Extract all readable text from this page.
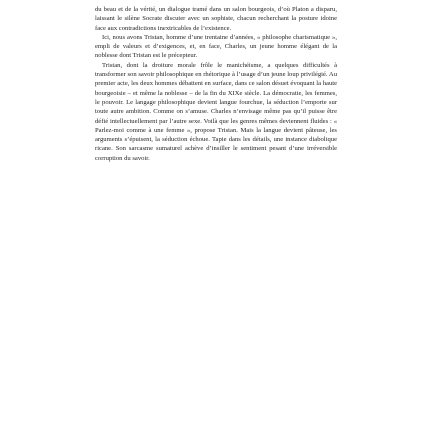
du beau et de la vérité, un dialogue tramé dans un salon bourgeois, d’où Platon a disparu, laissant le silène Socrate discuter avec un sophiste, chacun recherchant la posture idoine face aux contradictions inextricables de l’existence.

Ici, nous avons Tristan, homme d’une trentaine d’années, « philosophe charismatique », empli de valeurs et d’exigences, et, en face, Charles, un jeune homme élégant de la noblesse dont Tristan est le précepteur.

Tristan, dont la droiture morale frôle le manichéisme, a quelques difficultés à transformer son savoir philosophique en rhétorique à l’usage d’un jeune loup privilégié. Au premier acte, les deux hommes débattent en surface, dans ce salon désuet évoquant la haute bourgeoisie – et même la noblesse – de la fin du XIXe siècle. La démocratie, les femmes, le pouvoir. Le langage philosophique devient langue fourchue, la séduction l’emporte sur toute autre ambition. Comme on s’amuse. Charles n’envisage même pas qu’il puisse être défié intellectuellement par l’autre sexe. Voilà que les genres mêmes deviennent fluides : « Parlez-moi comme à une femme », propose Tristan. Mais la langue devient pâteuse, les arguments s’épuisent, la séduction échoue. Tapie dans les détails, une instance diabolique ricane. Son sarcasme sumaturel achève d’insiller le sentiment pesant d’une irréversible corruption du savoir.
